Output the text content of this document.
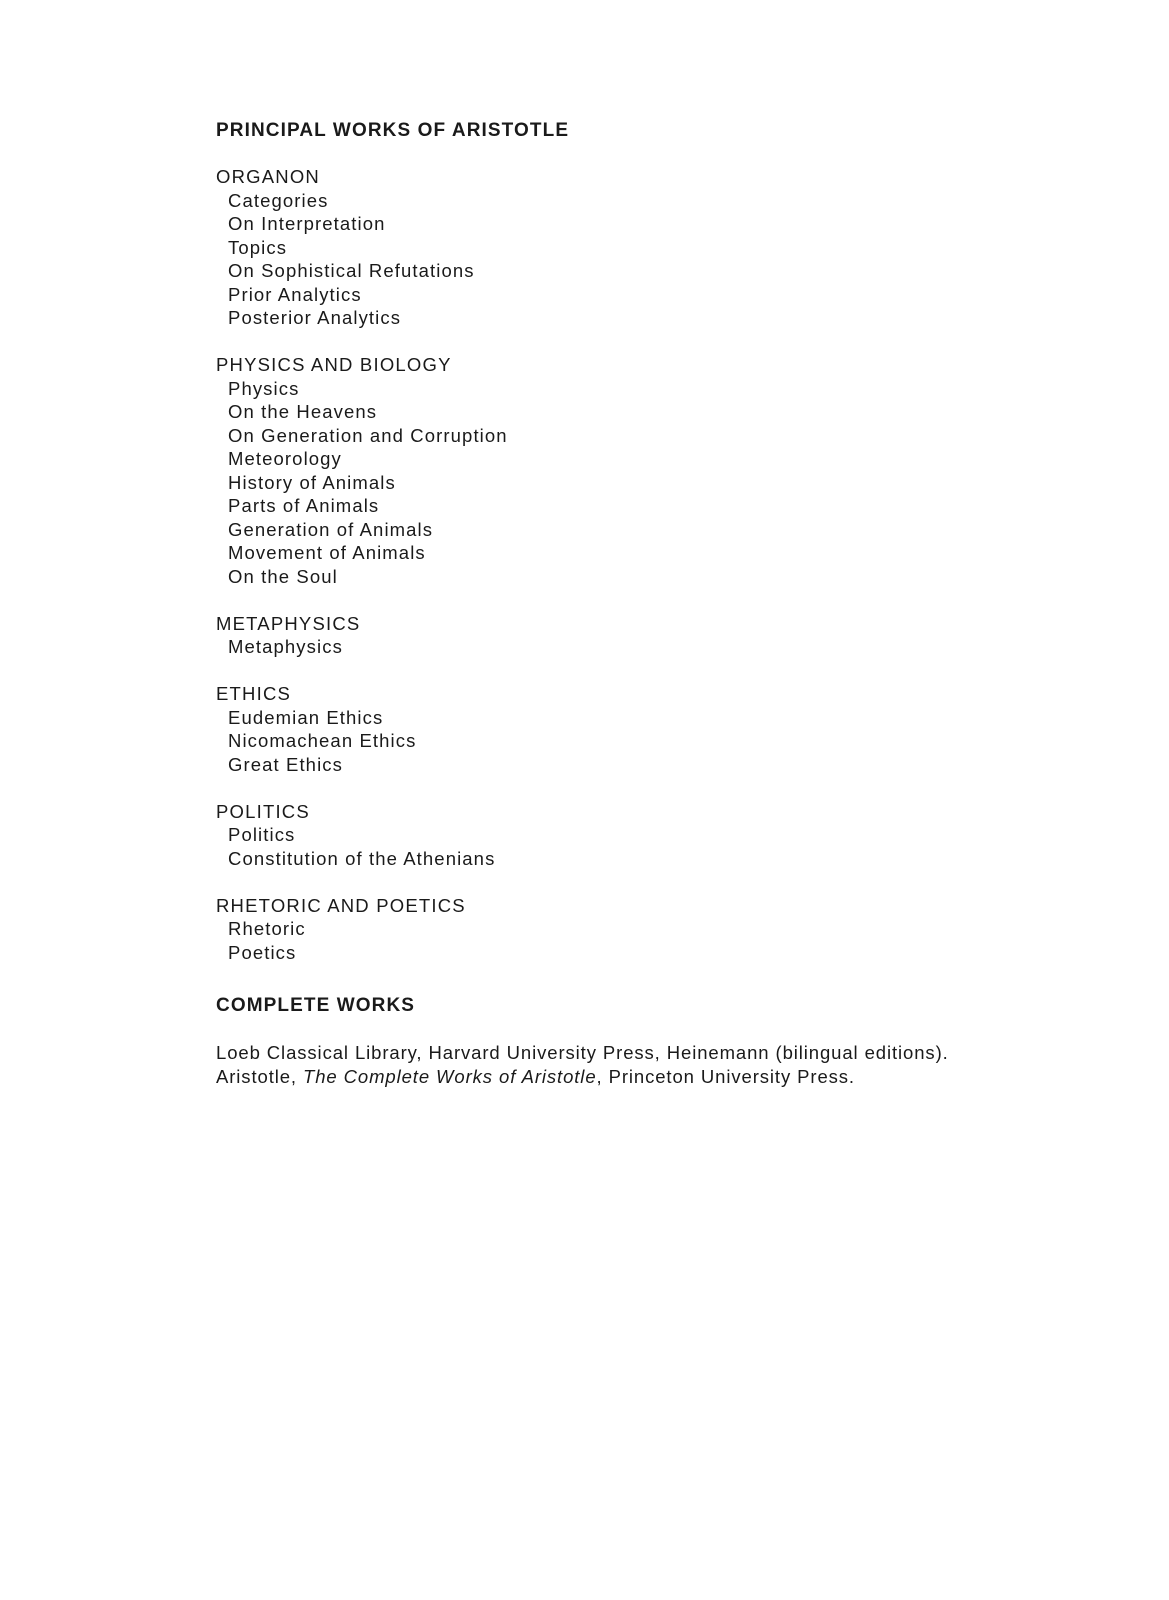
PRINCIPAL WORKS OF ARISTOTLE

ORGANON

Categories

On Interpretation

Topics

On Sophistical Refutations

Prior Analytics

Posterior Analytics

PHYSICS AND BIOLOGY

Physics

On the Heavens

On Generation and Corruption

Meteorology

History of Animals

Parts of Animals

Generation of Animals

Movement of Animals

On the Soul

METAPHYSICS

Metaphysics

ETHICS

Eudemian Ethics

Nicomachean Ethics

Great Ethics

POLITICS

Politics

Constitution of the Athenians

RHETORIC AND POETICS

Rhetoric

Poetics

COMPLETE WORKS

Loeb Classical Library, Harvard University Press, Heinemann (bilingual editions).

Aristotle, The Complete Works of Aristotle, Princeton University Press.
